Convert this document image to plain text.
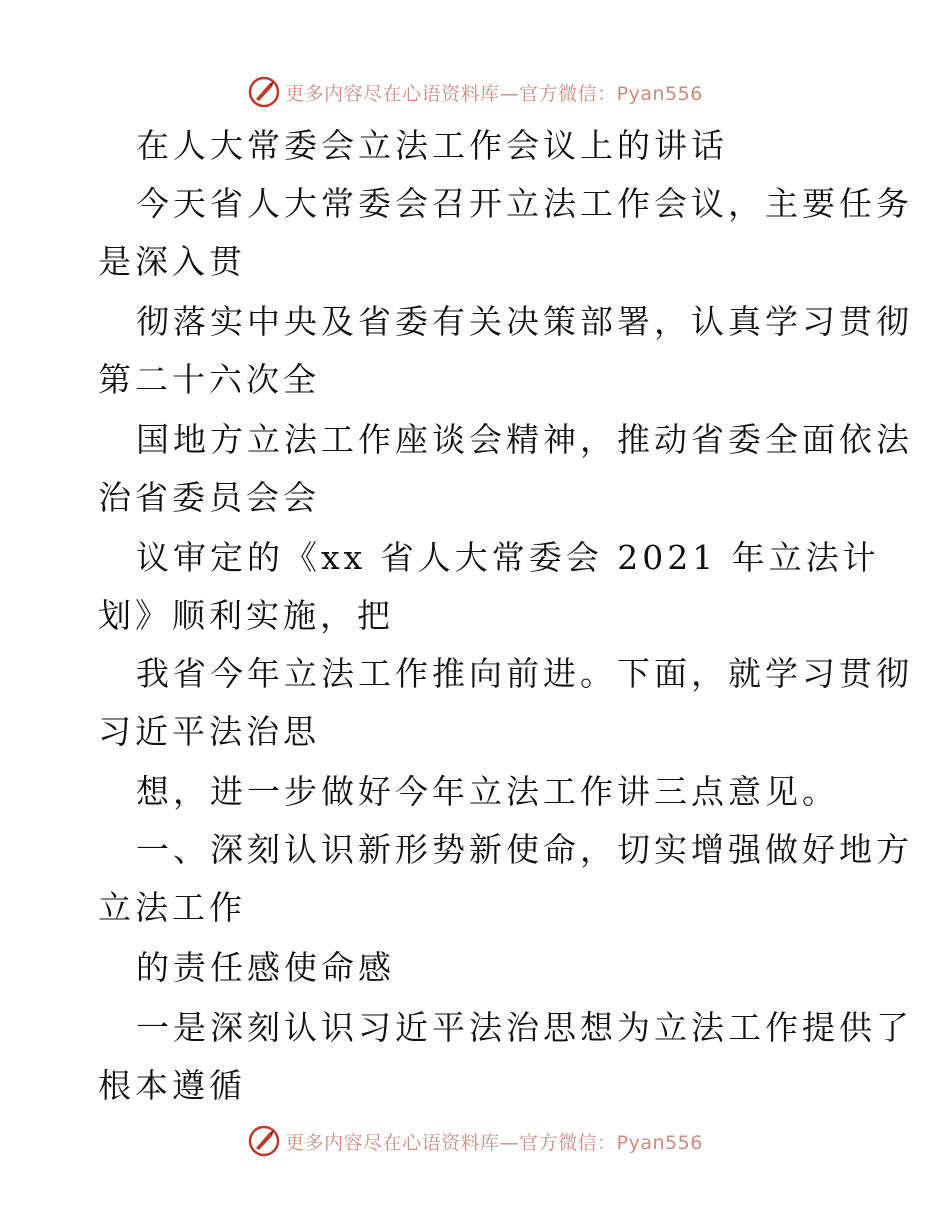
更多内容尽在心语资料库—官方微信：Pyan556
在人大常委会立法工作会议上的讲话
今天省人大常委会召开立法工作会议，主要任务
是深入贯
彻落实中央及省委有关决策部署，认真学习贯彻
第二十六次全
国地方立法工作座谈会精神，推动省委全面依法
治省委员会会
议审定的《xx 省人大常委会 2021 年立法计
划》顺利实施，把
我省今年立法工作推向前进。下面，就学习贯彻
习近平法治思
想，进一步做好今年立法工作讲三点意见。
一、深刻认识新形势新使命，切实增强做好地方
立法工作
的责任感使命感
一是深刻认识习近平法治思想为立法工作提供了
根本遵循
更多内容尽在心语资料库—官方微信：Pyan556
